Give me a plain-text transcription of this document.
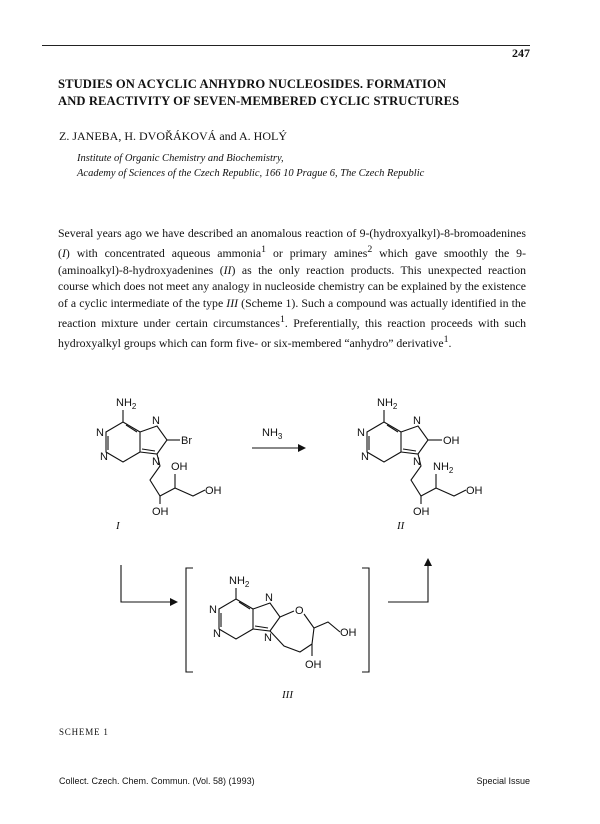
247
STUDIES ON ACYCLIC ANHYDRO NUCLEOSIDES. FORMATION
AND REACTIVITY OF SEVEN-MEMBERED CYCLIC STRUCTURES
Z. JANEBA, H. DVOŘÁKOVÁ and A. HOLÝ
Institute of Organic Chemistry and Biochemistry,
Academy of Sciences of the Czech Republic, 166 10 Prague 6, The Czech Republic
Several years ago we have described an anomalous reaction of 9-(hydroxyalkyl)-8-bromoadenines (I) with concentrated aqueous ammonia$^1$ or primary amines$^2$ which gave smoothly the 9-(aminoalkyl)-8-hydroxyadenines (II) as the only reaction products. This unexpected reaction course which does not meet any analogy in nucleoside chemistry can be explained by the existence of a cyclic intermediate of the type III (Scheme 1). Such a compound was actually identified in the reaction mixture under certain circumstances$^1$. Preferentially, this reaction proceeds with such hydroxyalkyl groups which can form five- or six-membered “anhydro” derivative$^1$.
$NH_2$
N
N
N
N
Br
OH
OH
OH
I
$NH_3$
$NH_2$
N
N
N
N
OH
$NH_2$
OH
OH
II
$NH_2$
N
N
N
N
O
OH
OH
III
SCHEME 1
Collect. Czech. Chem. Commun. (Vol. 58) (1993)	Special Issue
